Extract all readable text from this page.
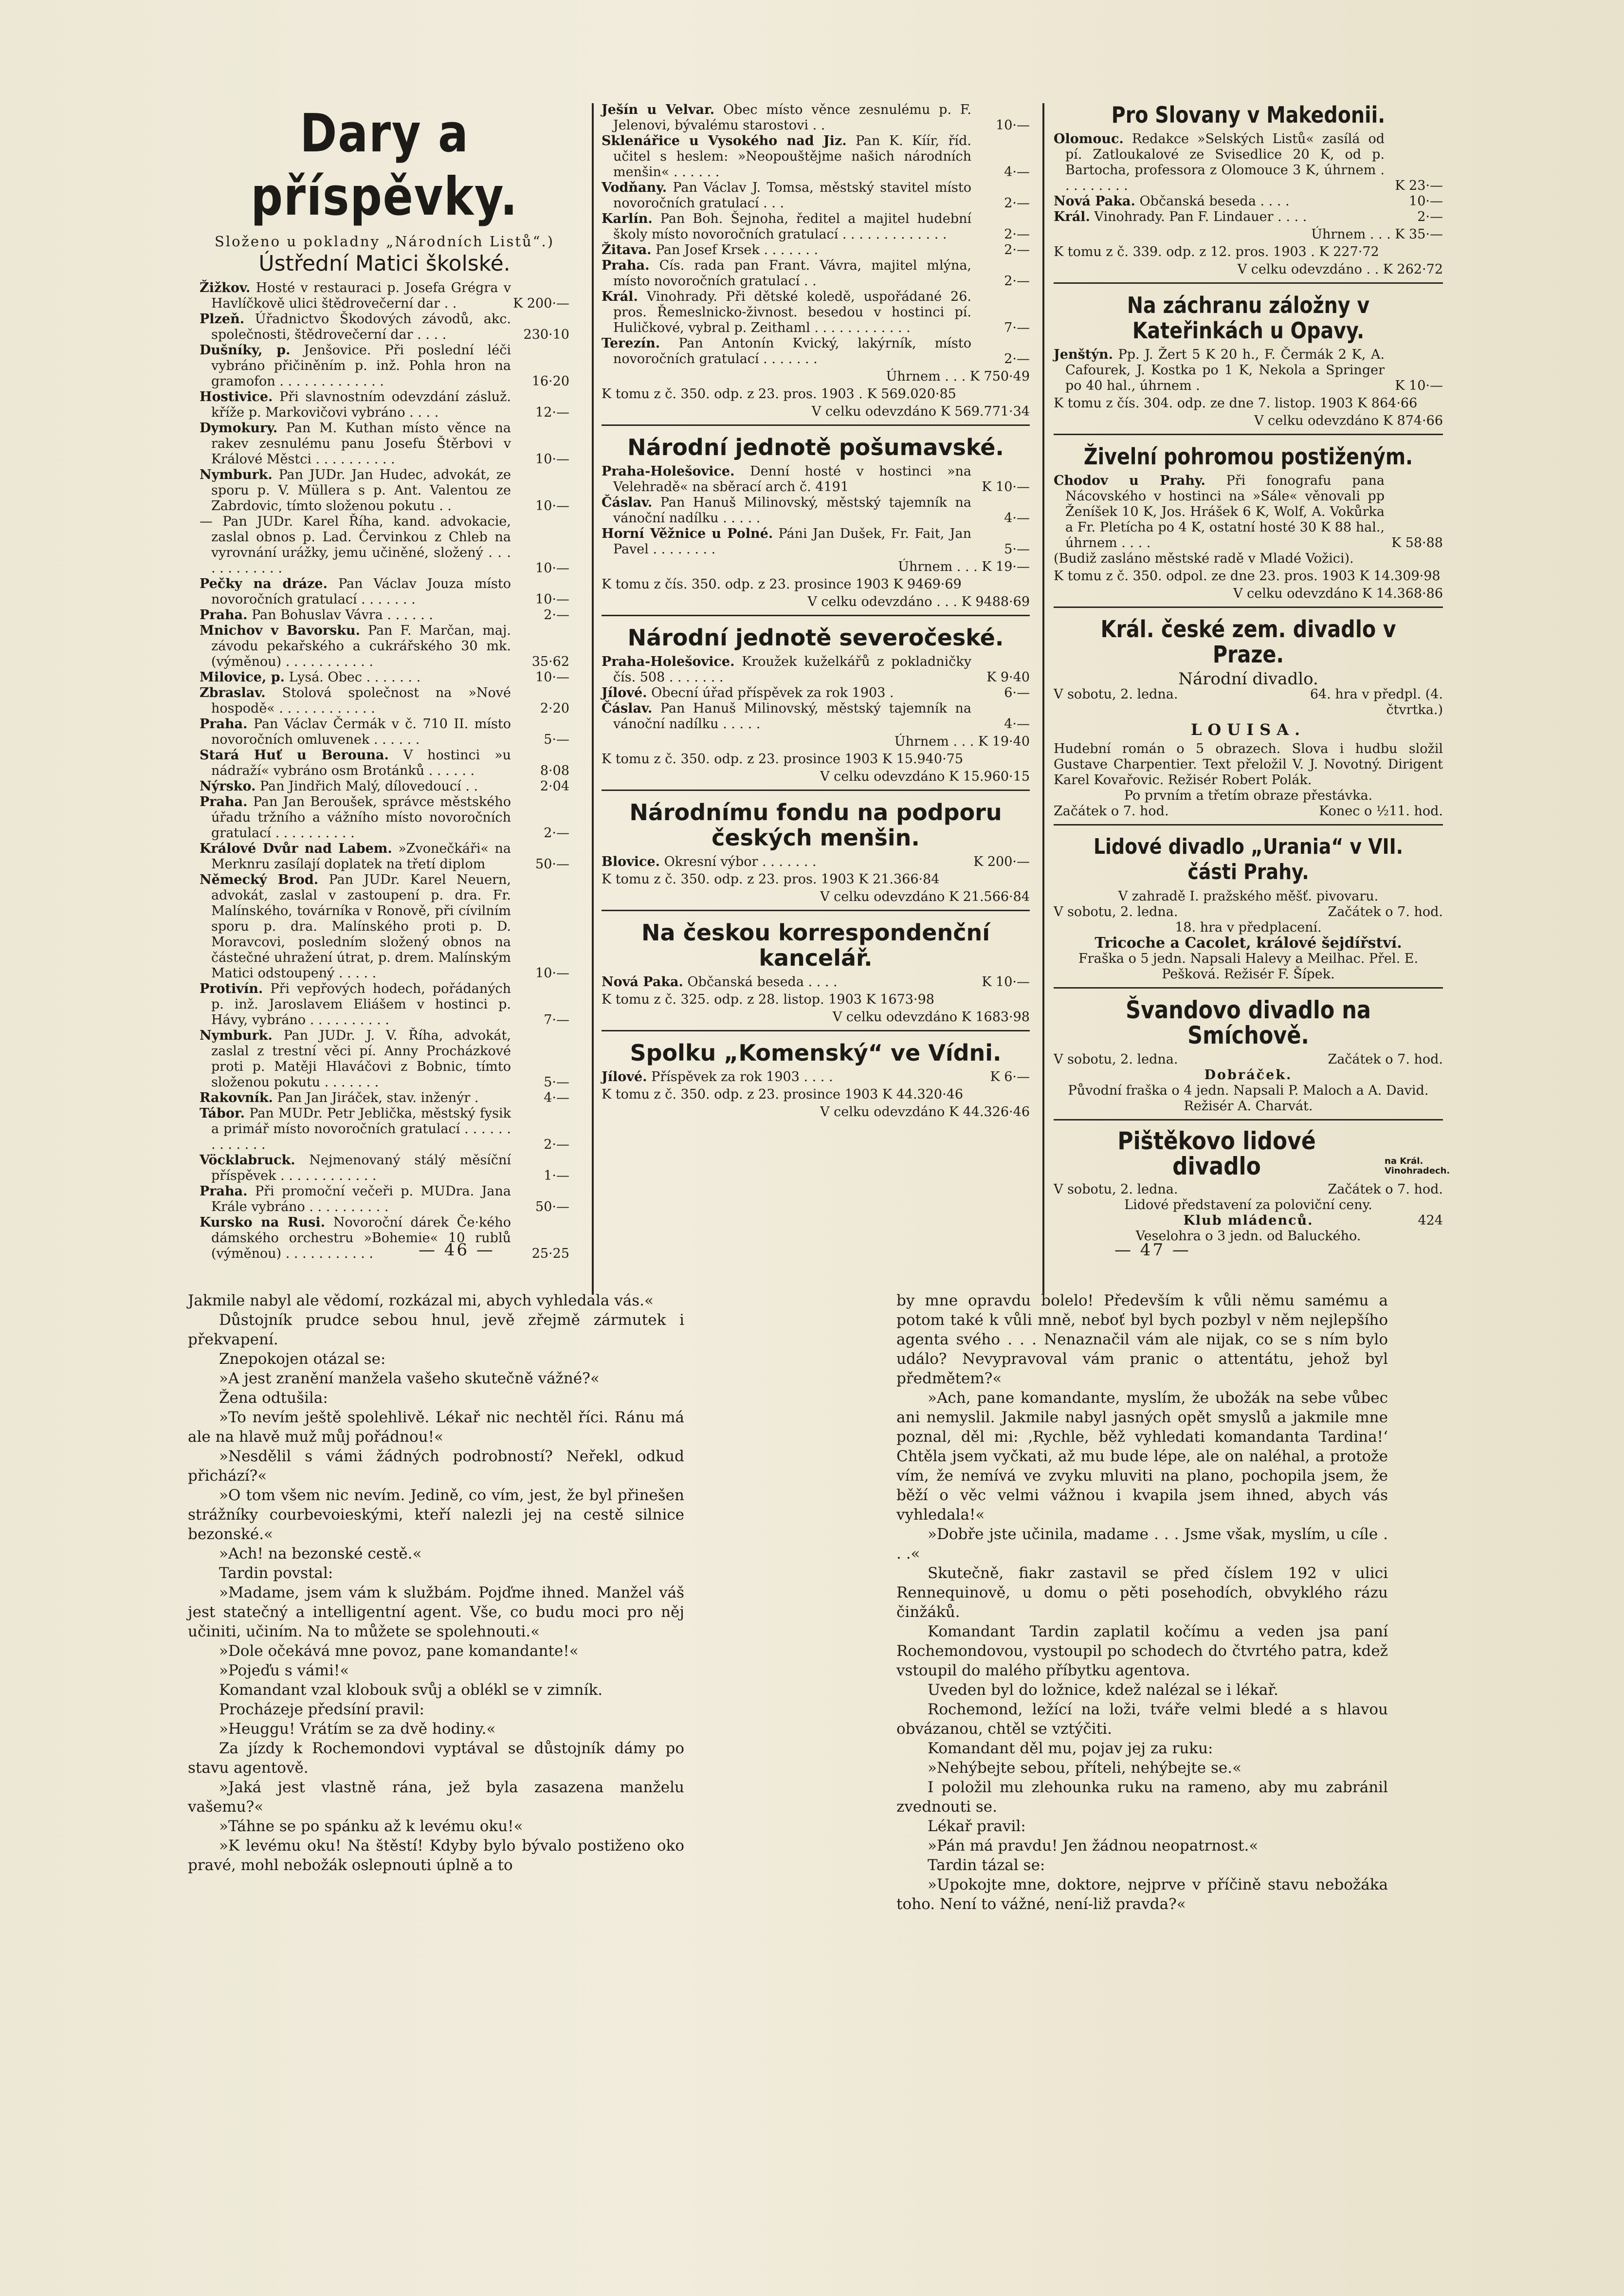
Dary a příspěvky.

Složeno u pokladny „Národních Listů“.)

Ústřední Matici školské.

Žižkov. Hosté v restauraci p. Josefa Grégra v Havlíčkově ulici štědrovečerní dar . .	K 200·—

Plzeň. Úřadnictvo Škodových závodů, akc. společnosti, štědrovečerní dar . . . .	230·10

Dušníky, p. Jenšovice. Při poslední léči vybráno přičiněním p. inž. Pohla hron na gramofon . . . . . . . . . . . . .	16·20

Hostivice. Při slavnostním odevzdání zásluž. kříže p. Markovičovi vybráno . . . .	12·—

Dymokury. Pan M. Kuthan místo věnce na rakev zesnulému panu Josefu Štěrbovi v Králové Městci . . . . . . . . . .	10·—

Nymburk. Pan JUDr. Jan Hudec, advokát, ze sporu p. V. Müllera s p. Ant. Valentou ze Zabrdovic, tímto složenou pokutu . .	10·—

— Pan JUDr. Karel Říha, kand. advokacie, zaslal obnos p. Lad. Červinkou z Chleb na vyrovnání urážky, jemu učiněné, složený . . . . . . . . . . . .	10·—

Pečky na dráze. Pan Václav Jouza místo novoročních gratulací . . . . . . .	10·—

Praha. Pan Bohuslav Vávra . . . . . .	2·—

Mnichov v Bavorsku. Pan F. Marčan, maj. závodu pekařského a cukrářského 30 mk. (výměnou) . . . . . . . . . . .	35·62

Milovice, p. Lysá. Obec . . . . . . .	10·—

Zbraslav. Stolová společnost na »Nové hospodě« . . . . . . . . . . . .	2·20

Praha. Pan Václav Čermák v č. 710 II. místo novoročních omluvenek . . . . . .	5·—

Stará Huť u Berouna. V hostinci »u nádraží« vybráno osm Brotánků . . . . . .	8·08

Nýrsko. Pan Jindřich Malý, dílovedoucí . .	2·04

Praha. Pan Jan Beroušek, správce městského úřadu tržního a vážního místo novoročních gratulací . . . . . . . . . .	2·—

Králové Dvůr nad Labem. »Zvonečkáři« na Merknru zasílají doplatek na třetí diplom	50·—

Německý Brod. Pan JUDr. Karel Neuern, advokát, zaslal v zastoupení p. dra. Fr. Malínského, továrníka v Ronově, při cívilním sporu p. dra. Malínského proti p. D. Moravcovi, posledním složený obnos na částečné uhražení útrat, p. drem. Malínským Matici odstoupený . . . . .	10·—

Protivín. Při vepřových hodech, pořádaných p. inž. Jaroslavem Eliášem v hostinci p. Hávy, vybráno . . . . . . . . . .	7·—

Nymburk. Pan JUDr. J. V. Říha, advokát, zaslal z trestní věci pí. Anny Procházkové proti p. Matěji Hlaváčovi z Bobnic, tímto složenou pokutu . . . . . . .	5·—

Rakovník. Pan Jan Jiráček, stav. inženýr .	4·—

Tábor. Pan MUDr. Petr Jeblička, městský fysik a primář místo novoročních gratulací . . . . . . . . . . . . .	2·—

Vöcklabruck. Nejmenovaný stálý měsíční příspěvek . . . . . . . . . . . .	1·—

Praha. Při promoční večeři p. MUDra. Jana Krále vybráno . . . . . . . . . .	50·—

Kursko na Rusi. Novoroční dárek Če·kého dámského orchestru »Bohemie« 10 rublů (výměnou) . . . . . . . . . . .	25·25

Ješín u Velvar. Obec místo věnce zesnulému p. F. Jelenovi, bývalému starostovi . .	10·—

Sklenářice u Vysokého nad Jiz. Pan K. Kíír, říd. učitel s heslem: »Neopouštějme našich národních menšin« . . . . . .	4·—

Vodňany. Pan Václav J. Tomsa, městský stavitel místo novoročních gratulací . . .	2·—

Karlín. Pan Boh. Šejnoha, ředitel a majitel hudební školy místo novoročních gratulací . . . . . . . . . . . . .	2·—

Žitava. Pan Josef Krsek . . . . . . .	2·—

Praha. Cís. rada pan Frant. Vávra, majitel mlýna, místo novoročních gratulací . .	2·—

Král. Vinohrady. Při dětské koledě, uspořádané 26. pros. Řemeslnicko-živnost. besedou v hostinci pí. Huličkové, vybral p. Zeithaml . . . . . . . . . . . .	7·—

Terezín. Pan Antonín Kvický, lakýrník, místo novoročních gratulací . . . . . . .	2·—

Úhrnem . . . K 750·49

K tomu z č. 350. odp. z 23. pros. 1903 . K 569.020·85

V celku odevzdáno K 569.771·34

Národní jednotě pošumavské.

Praha-Holešovice. Denní hosté v hostinci »na Velehradě« na sběrací arch č. 4191	K 10·—

Čáslav. Pan Hanuš Milinovský, městský tajemník na vánoční nadílku . . . . .	4·—

Horní Věžnice u Polné. Páni Jan Dušek, Fr. Fait, Jan Pavel . . . . . . . .	5·—

Úhrnem . . . K 19·—

K tomu z čís. 350. odp. z 23. prosince 1903 K 9469·69

V celku odevzdáno . . . K 9488·69

Národní jednotě severočeské.

Praha-Holešovice. Kroužek kuželkářů z pokladničky čís. 508 . . . . . . .	K 9·40

Jílové. Obecní úřad příspěvek za rok 1903 .	6·—

Čáslav. Pan Hanuš Milinovský, městský tajemník na vánoční nadílku . . . . .	4·—

Úhrnem . . . K 19·40

K tomu z č. 350. odp. z 23. prosince 1903 K 15.940·75

V celku odevzdáno K 15.960·15

Národnímu fondu na podporu českých menšin.

Blovice. Okresní výbor . . . . . . .	K 200·—

K tomu z č. 350. odp. z 23. pros. 1903 K 21.366·84

V celku odevzdáno K 21.566·84

Na českou korrespondenční kancelář.

Nová Paka. Občanská beseda . . . .	K 10·—

K tomu z č. 325. odp. z 28. listop. 1903 K 1673·98

V celku odevzdáno K 1683·98

Spolku „Komenský“ ve Vídni.

Jílové. Příspěvek za rok 1903 . . . .	K 6·—

K tomu z č. 350. odp. z 23. prosince 1903 K 44.320·46

V celku odevzdáno K 44.326·46

Pro Slovany v Makedonii.

Olomouc. Redakce »Selských Listů« zasílá od pí. Zatloukalové ze Svisedlice 20 K, od p. Bartocha, professora z Olomouce 3 K, úhrnem . . . . . . . . .	K 23·—

Nová Paka. Občanská beseda . . . .	10·—

Král. Vinohrady. Pan F. Lindauer . . . .	2·—

Úhrnem . . . K 35·—

K tomu z č. 339. odp. z 12. pros. 1903 . K 227·72

V celku odevzdáno . . K 262·72

Na záchranu záložny v Kateřinkách u Opavy.

Jenštýn. Pp. J. Žert 5 K 20 h., F. Čermák 2 K, A. Cafourek, J. Kostka po 1 K, Nekola a Springer po 40 hal., úhrnem .	K 10·—

K tomu z čís. 304. odp. ze dne 7. listop. 1903 K 864·66

V celku odevzdáno K 874·66

Živelní pohromou postiženým.

Chodov u Prahy. Při fonografu pana Nácovského v hostinci na »Sále« věnovali pp Ženíšek 10 K, Jos. Hrášek 6 K, Wolf, A. Vokůrka a Fr. Pletícha po 4 K, ostatní hosté 30 K 88 hal., úhrnem . . . .	K 58·88

(Budiž zasláno městské radě v Mladé Vožici).

K tomu z č. 350. odpol. ze dne 23. pros. 1903 K 14.309·98

V celku odevzdáno K 14.368·86

Král. české zem. divadlo v Praze.

Národní divadlo.

V sobotu, 2. ledna.	64. hra v předpl. (4. čtvrtka.)

LOUISA.

Hudební román o 5 obrazech. Slova i hudbu složil Gustave Charpentier. Text přeložil V. J. Novotný. Dirigent Karel Kovařovic. Režisér Robert Polák.

Po prvním a třetím obraze přestávka.

Začátek o 7. hod.	Konec o ½11. hod.
Lidové divadlo „Urania“ v VII. části Prahy.

V zahradě I. pražského měšť. pivovaru.

V sobotu, 2. ledna.	Začátek o 7. hod.

18. hra v předplacení.

Tricoche a Cacolet, králové šejdířství.

Fraška o 5 jedn. Napsali Halevy a Meilhac. Přel. E. Pešková. Režisér F. Šípek.

Švandovo divadlo na Smíchově.
V sobotu, 2. ledna.	Začátek o 7. hod.

Dobráček.

Původní fraška o 4 jedn. Napsali P. Maloch a A. David. Režisér A. Charvát.

Pištěkovo lidové divadlo	na Král. Vinohradech.
V sobotu, 2. ledna.	Začátek o 7. hod.

Lidové představení za poloviční ceny.

Klub mládenců.	424

Veselohra o 3 jedn. od Baluckého.

— 46 —	— 47 —

Jakmile nabyl ale vědomí, rozkázal mi, abych vyhledala vás.«

Důstojník prudce sebou hnul, jevě zřejmě zármutek i překvapení.

Znepokojen otázal se:

»A jest zranění manžela vašeho skutečně vážné?«

Žena odtušila:

»To nevím ještě spolehlivě. Lékař nic nechtěl říci. Ránu má ale na hlavě muž můj pořádnou!«

»Nesdělil s vámi žádných podrobností? Neřekl, odkud přichází?«

»O tom všem nic nevím. Jedině, co vím, jest, že byl přinešen strážníky courbevoieskými, kteří nalezli jej na cestě silnice bezonské.«

»Ach! na bezonské cestě.«

Tardin povstal:

»Madame, jsem vám k službám. Pojďme ihned. Manžel váš jest statečný a intelligentní agent. Vše, co budu moci pro něj učiniti, učiním. Na to můžete se spolehnouti.«

»Dole očekává mne povoz, pane komandante!«

»Pojeďu s vámi!«

Komandant vzal klobouk svůj a oblékl se v zimník.

Procházeje předsíní pravil:

»Heuggu! Vrátím se za dvě hodiny.«

Za jízdy k Rochemondovi vyptával se důstojník dámy po stavu agentově.

»Jaká jest vlastně rána, jež byla zasazena manželu vašemu?«

»Táhne se po spánku až k levému oku!«

»K levému oku! Na štěstí! Kdyby bylo bývalo postiženo oko pravé, mohl nebožák oslepnouti úplně a to

by mne opravdu bolelo! Především k vůli němu samému a potom také k vůli mně, neboť byl bych pozbyl v něm nejlepšího agenta svého . . . Nenaznačil vám ale nijak, co se s ním bylo událo? Nevypravoval vám pranic o attentátu, jehož byl předmětem?«

»Ach, pane komandante, myslím, že ubožák na sebe vůbec ani nemyslil. Jakmile nabyl jasných opět smyslů a jakmile mne poznal, děl mi: ‚Rychle, běž vyhledati komandanta Tardina!‘ Chtěla jsem vyčkati, až mu bude lépe, ale on naléhal, a protože vím, že nemívá ve zvyku mluviti na plano, pochopila jsem, že běží o věc velmi vážnou i kvapila jsem ihned, abych vás vyhledala!«

»Dobře jste učinila, madame . . . Jsme však, myslím, u cíle . . .«

Skutečně, fiakr zastavil se před číslem 192 v ulici Rennequinově, u domu o pěti posehodích, obvyklého rázu činžáků.

Komandant Tardin zaplatil kočímu a veden jsa paní Rochemondovou, vystoupil po schodech do čtvrtého patra, kdež vstoupil do malého příbytku agentova.

Uveden byl do ložnice, kdež nalézal se i lékař.

Rochemond, ležící na loži, tváře velmi bledé a s hlavou obvázanou, chtěl se vztýčiti.

Komandant děl mu, pojav jej za ruku:

»Nehýbejte sebou, příteli, nehýbejte se.«

I položil mu zlehounka ruku na rameno, aby mu zabránil zvednouti se.

Lékař pravil:

»Pán má pravdu! Jen žádnou neopatrnost.«

Tardin tázal se:

»Upokojte mne, doktore, nejprve v příčině stavu nebožáka toho. Není to vážné, není-liž pravda?«
